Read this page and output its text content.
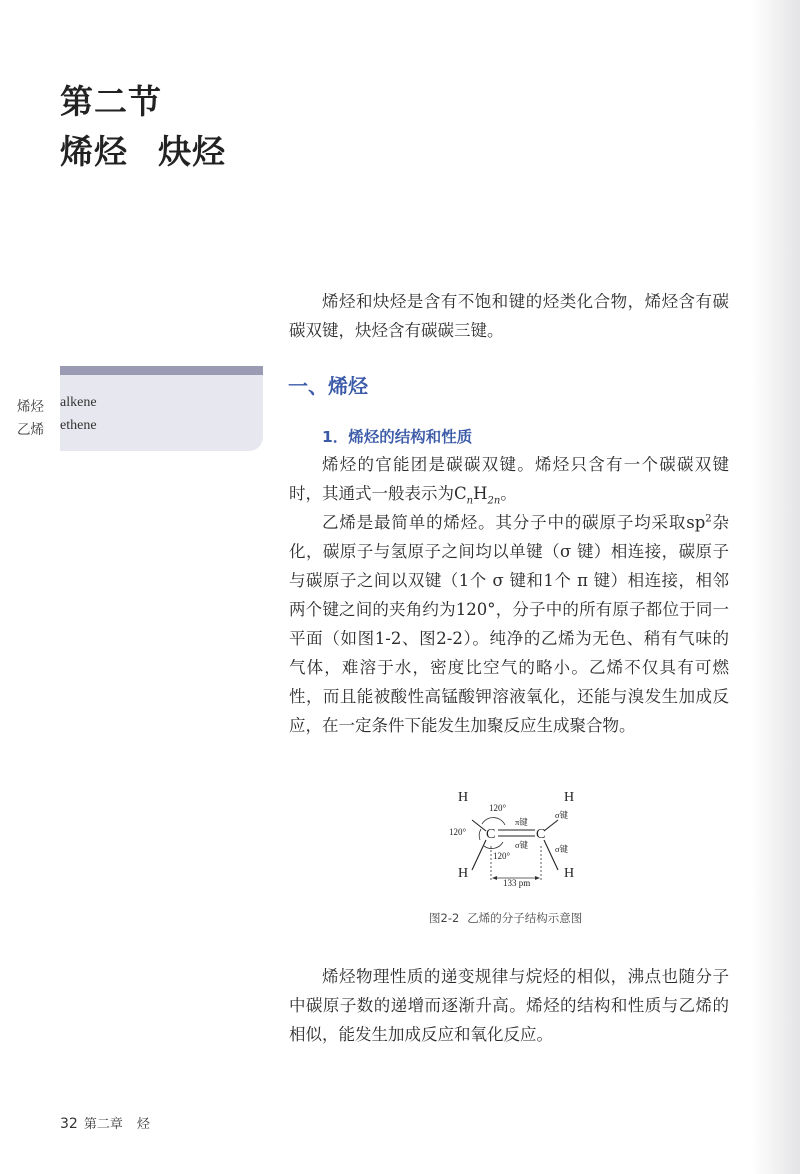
第二节
烯烃 炔烃

烯烃和炔烃是含有不饱和键的烃类化合物，烯烃含有碳碳双键，炔烃含有碳碳三键。

烯烃 alkene
乙烯 ethene
一、烯烃
1．烯烃的结构和性质

烯烃的官能团是碳碳双键。烯烃只含有一个碳碳双键时，其通式一般表示为$C_nH_{2n}$。

乙烯是最简单的烯烃。其分子中的碳原子均采取$sp^2$杂化，碳原子与氢原子之间均以单键（σ 键）相连接，碳原子与碳原子之间以双键（1个 σ 键和1个 π 键）相连接，相邻两个键之间的夹角约为120°，分子中的所有原子都位于同一平面（如图1-2、图2-2）。纯净的乙烯为无色、稍有气味的气体，难溶于水，密度比空气的略小。乙烯不仅具有可燃性，而且能被酸性高锰酸钾溶液氧化，还能与溴发生加成反应，在一定条件下能发生加聚反应生成聚合物。

H	H
H	H
C	C
120°
120°
120°
π键
σ键
σ键
σ键
133 pm
图2-2 乙烯的分子结构示意图

烯烃物理性质的递变规律与烷烃的相似，沸点也随分子中碳原子数的递增而逐渐升高。烯烃的结构和性质与乙烯的相似，能发生加成反应和氧化反应。

32 第二章 烃
